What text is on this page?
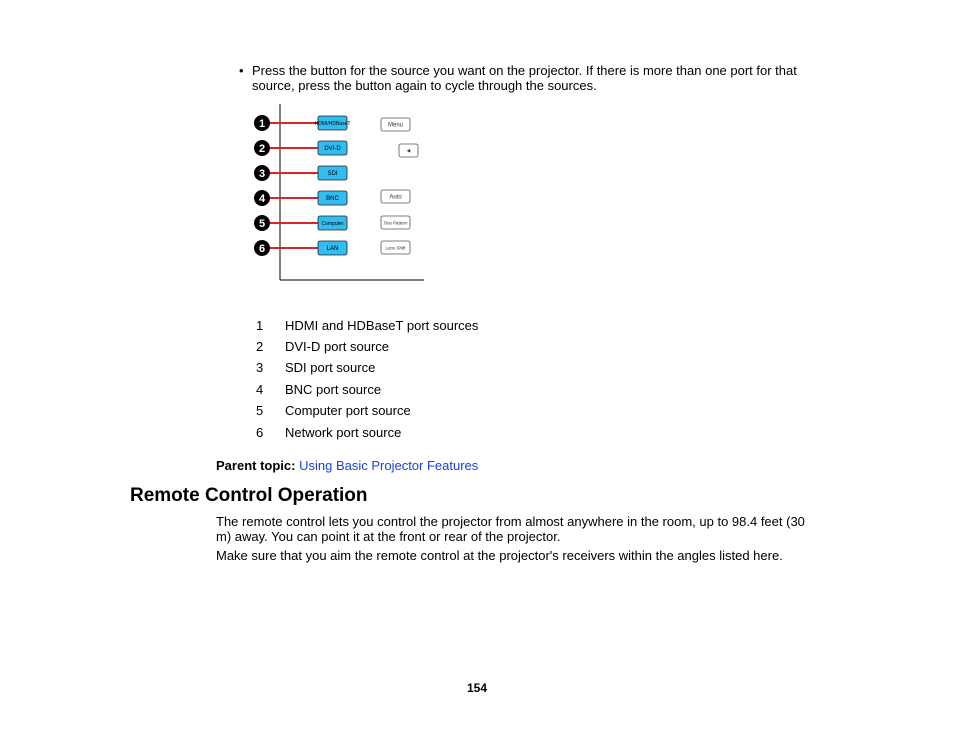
• Press the button for the source you want on the projector. If there is more than one port for that source, press the button again to cycle through the sources.
1	HDMI/HDBaseT
2	DVI-D
3	SDI
4	BNC
5	Computer
6	LAN
Menu
◄
Auto
Test Pattern
Lens Shift
1	HDMI and HDBaseT port sources
2	DVI-D port source
3	SDI port source
4	BNC port source
5	Computer port source
6	Network port source
Parent topic: Using Basic Projector Features
Remote Control Operation
The remote control lets you control the projector from almost anywhere in the room, up to 98.4 feet (30 m) away. You can point it at the front or rear of the projector.
Make sure that you aim the remote control at the projector's receivers within the angles listed here.
154
